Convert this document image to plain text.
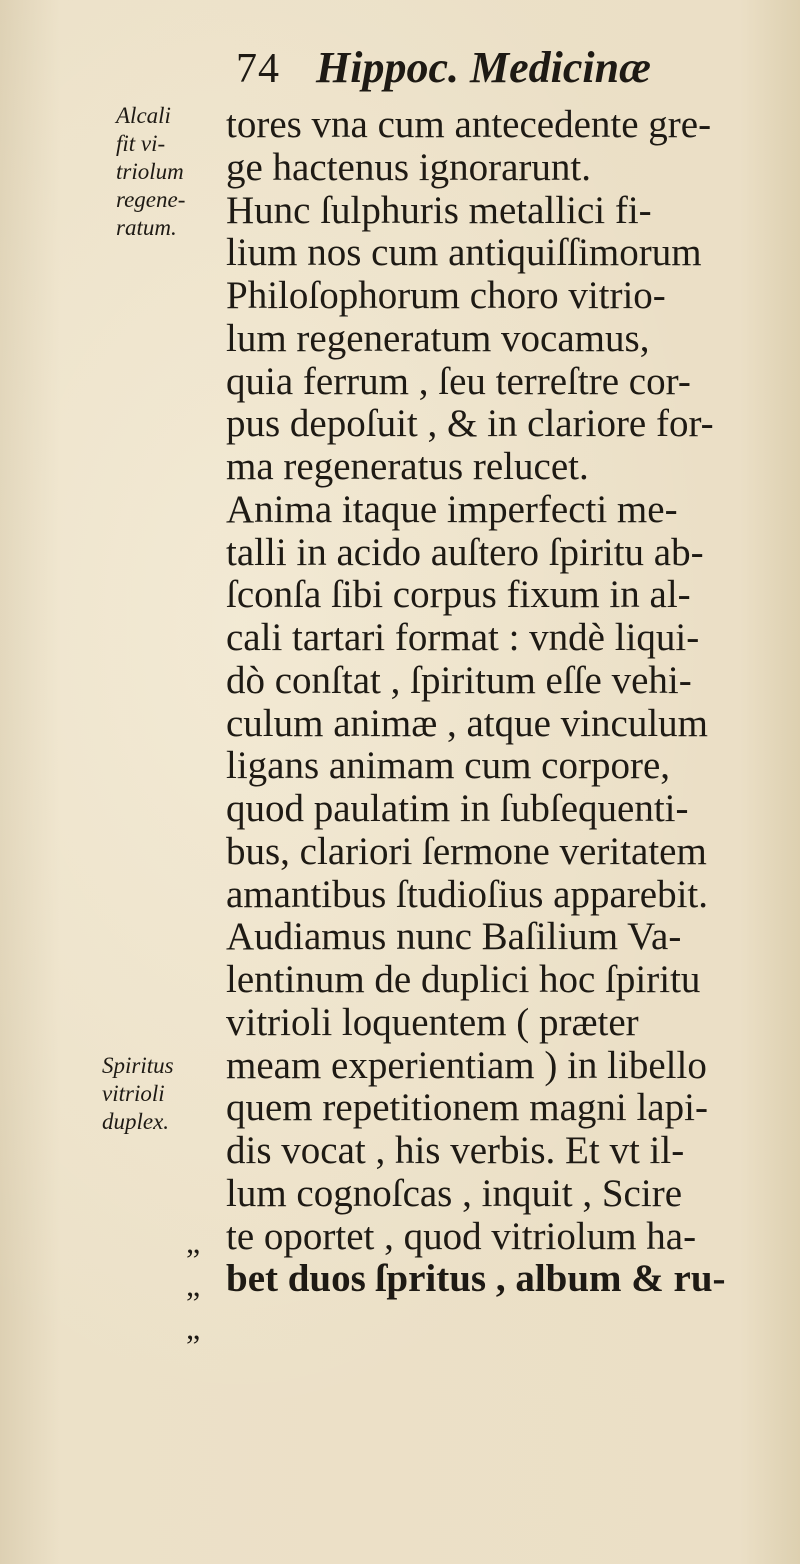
74 Hippoc. Medicinæ
Alcali
fit vi-
triolum
regene-
ratum.
Spiritus
vitrioli
duplex.
tores vna cum antecedente gre-
ge hactenus ignorarunt.
Hunc ſulphuris metallici fi-
lium nos cum antiquiſſimorum
Philoſophorum choro vitrio-
lum regeneratum vocamus,
quia ferrum , ſeu terreſtre cor-
pus depoſuit , & in clariore for-
ma regeneratus relucet.
Anima itaque imperfecti me-
talli in acido auſtero ſpiritu ab-
ſconſa ſibi corpus fixum in al-
cali tartari format : vndè liqui-
dò conſtat , ſpiritum eſſe vehi-
culum animæ , atque vinculum
ligans animam cum corpore,
quod paulatim in ſubſequenti-
bus, clariori ſermone veritatem
amantibus ſtudioſius apparebit.
Audiamus nunc Baſilium Va-
lentinum de duplici hoc ſpiritu
vitrioli loquentem ( præter
meam experientiam ) in libello
quem repetitionem magni lapi-
dis vocat , his verbis. Et vt il-
lum cognoſcas , inquit , Scire
te oportet , quod vitriolum ha-
bet duos ſpritus , album & ru-
„
„
„
